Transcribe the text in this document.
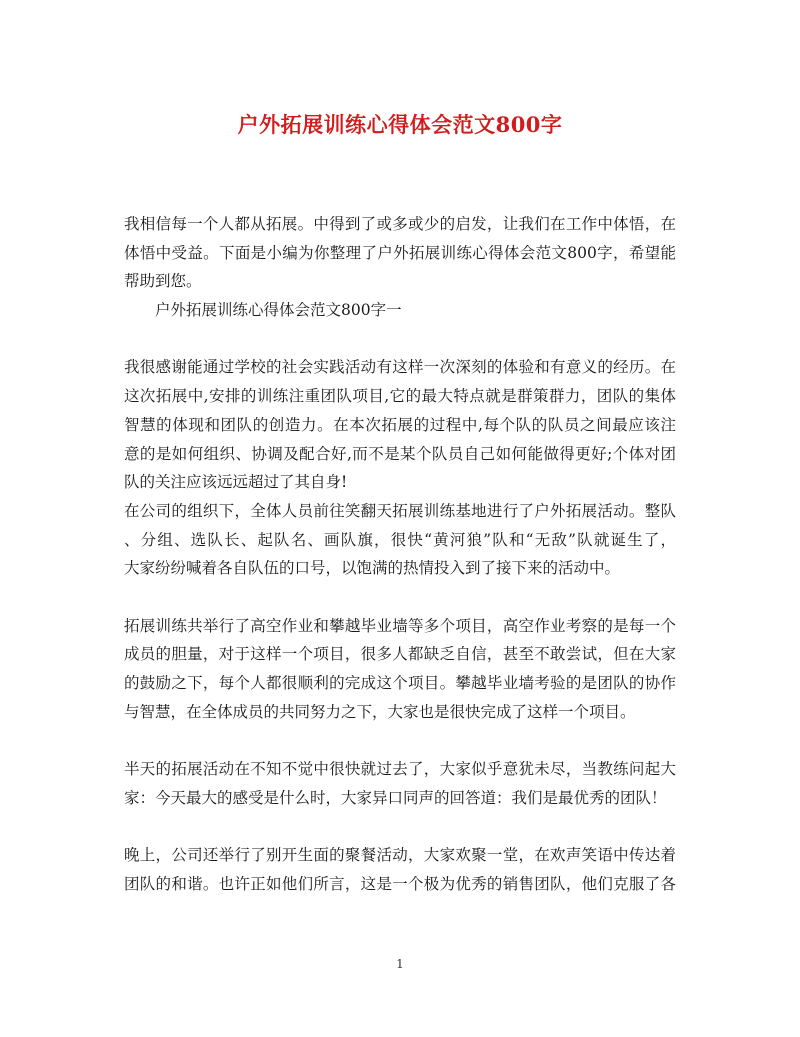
户外拓展训练心得体会范文800字
我相信每一个人都从拓展。中得到了或多或少的启发，让我们在工作中体悟，在
体悟中受益。下面是小编为你整理了户外拓展训练心得体会范文800字，希望能
帮助到您。
户外拓展训练心得体会范文800字一
我很感谢能通过学校的社会实践活动有这样一次深刻的体验和有意义的经历。在
这次拓展中,安排的训练注重团队项目,它的最大特点就是群策群力，团队的集体
智慧的体现和团队的创造力。在本次拓展的过程中,每个队的队员之间最应该注
意的是如何组织、协调及配合好,而不是某个队员自己如何能做得更好;个体对团
队的关注应该远远超过了其自身!
在公司的组织下，全体人员前往笑翻天拓展训练基地进行了户外拓展活动。整队
、分组、选队长、起队名、画队旗，很快“黄河狼”队和“无敌”队就诞生了，
大家纷纷喊着各自队伍的口号，以饱满的热情投入到了接下来的活动中。
拓展训练共举行了高空作业和攀越毕业墙等多个项目，高空作业考察的是每一个
成员的胆量，对于这样一个项目，很多人都缺乏自信，甚至不敢尝试，但在大家
的鼓励之下，每个人都很顺利的完成这个项目。攀越毕业墙考验的是团队的协作
与智慧，在全体成员的共同努力之下，大家也是很快完成了这样一个项目。
半天的拓展活动在不知不觉中很快就过去了，大家似乎意犹未尽，当教练问起大
家：今天最大的感受是什么时，大家异口同声的回答道：我们是最优秀的团队！
晚上，公司还举行了别开生面的聚餐活动，大家欢聚一堂，在欢声笑语中传达着
团队的和谐。也许正如他们所言，这是一个极为优秀的销售团队，他们克服了各
1
